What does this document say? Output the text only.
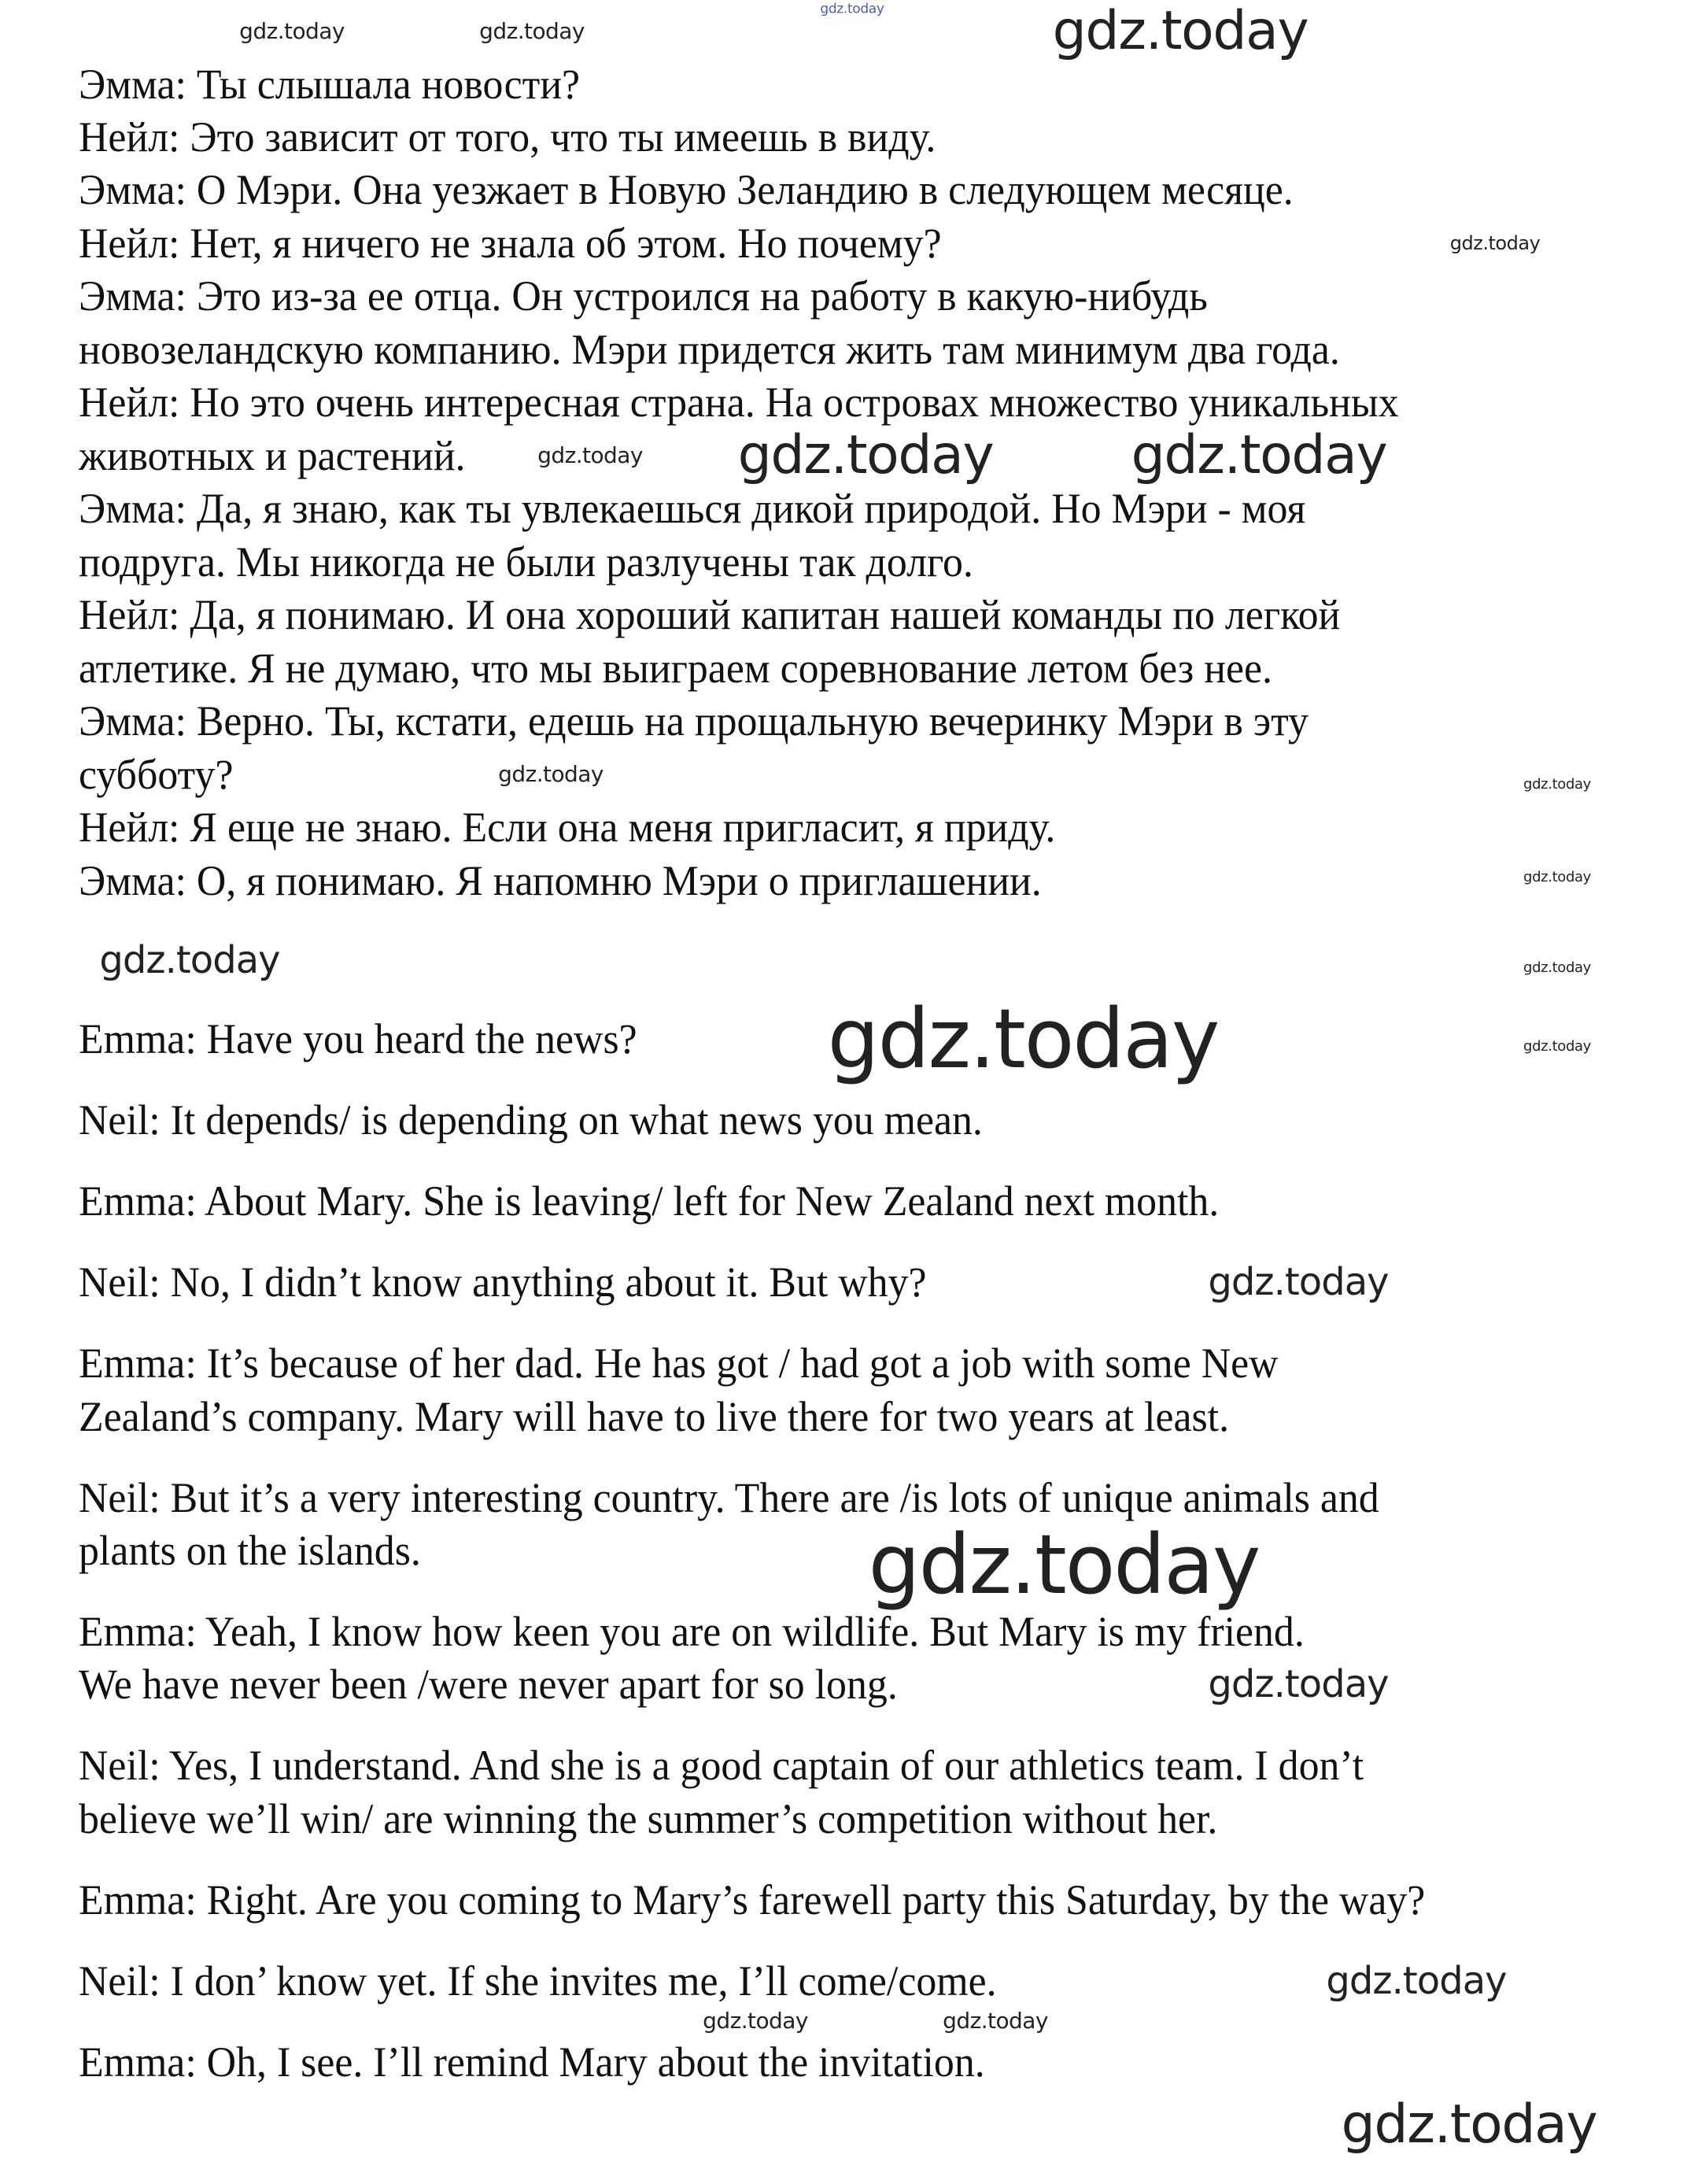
Эмма: Ты слышала новости?
Нейл: Это зависит от того, что ты имеешь в виду.
Эмма: О Мэри. Она уезжает в Новую Зеландию в следующем месяце.
Нейл: Нет, я ничего не знала об этом. Но почему?
Эмма: Это из-за ее отца. Он устроился на работу в какую-нибудь
новозеландскую компанию. Мэри придется жить там минимум два года.
Нейл: Но это очень интересная страна. На островах множество уникальных
животных и растений.
Эмма: Да, я знаю, как ты увлекаешься дикой природой. Но Мэри - моя
подруга. Мы никогда не были разлучены так долго.
Нейл: Да, я понимаю. И она хороший капитан нашей команды по легкой
атлетике. Я не думаю, что мы выиграем соревнование летом без нее.
Эмма: Верно. Ты, кстати, едешь на прощальную вечеринку Мэри в эту
субботу?
Нейл: Я еще не знаю. Если она меня пригласит, я приду.
Эмма: О, я понимаю. Я напомню Мэри о приглашении.
Emma: Have you heard the news?
Neil: It depends/ is depending on what news you mean.
Emma: About Mary. She is leaving/ left for New Zealand next month.
Neil: No, I didn’t know anything about it. But why?
Emma: It’s because of her dad. He has got / had got a job with some New
Zealand’s company. Mary will have to live there for two years at least.
Neil: But it’s a very interesting country. There are /is lots of unique animals and
plants on the islands.
Emma: Yeah, I know how keen you are on wildlife. But Mary is my friend.
We have never been /were never apart for so long.
Neil: Yes, I understand. And she is a good captain of our athletics team. I don’t
believe we’ll win/ are winning the summer’s competition without her.
Emma: Right. Are you coming to Mary’s farewell party this Saturday, by the way?
Neil: I don’ know yet. If she invites me, I’ll come/come.
Emma: Oh, I see. I’ll remind Mary about the invitation.
gdz.today
gdz.today	gdz.today	gdz.today
gdz.today
gdz.today gdz.today	gdz.today
gdz.today	gdz.today
gdz.today
gdz.today
gdz.today
gdz.today
gdz.today
gdz.today
gdz.today
gdz.today
gdz.today
gdz.today	gdz.today
gdz.today
